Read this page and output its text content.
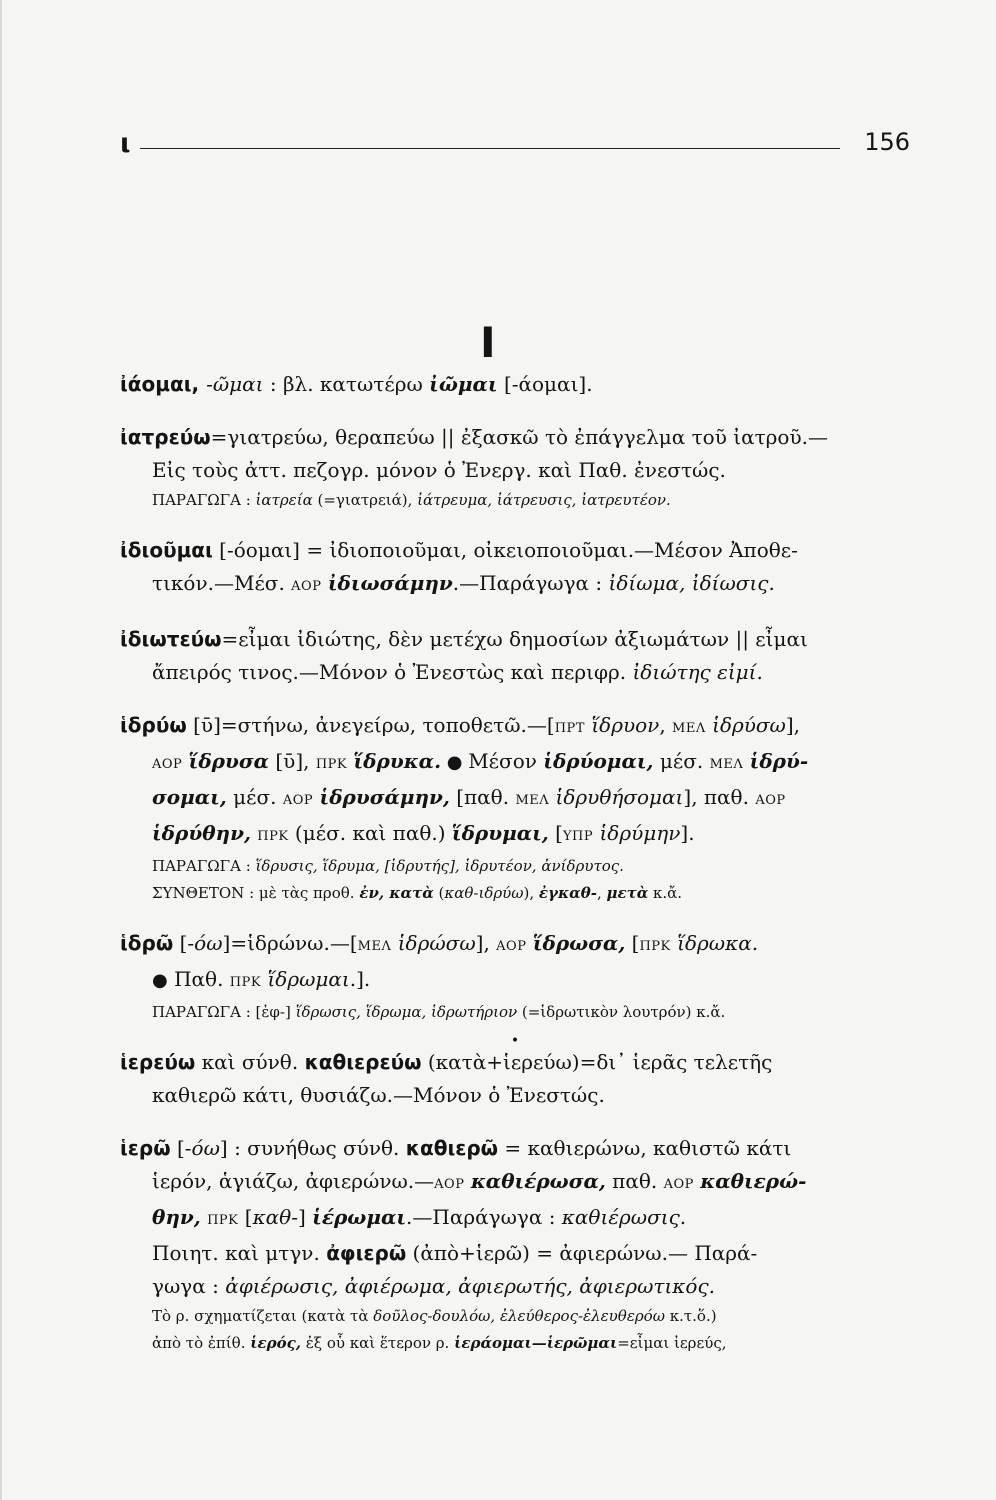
ι	156
Ι

ἰάομαι, -ῶμαι : βλ. κατωτέρω ἰῶμαι [-άομαι].

ἰατρεύω=γιατρεύω, θεραπεύω || ἐξασκῶ τὸ ἐπάγγελμα τοῦ ἰατροῦ.—

Εἰς τοὺς ἀττ. πεζογρ. μόνον ὁ Ἐνεργ. καὶ Παθ. ἐνεστώς.

ΠΑΡΑΓΩΓΑ : ἰατρεία (=γιατρειά), ἰάτρευμα, ἰάτρευσις, ἰατρευτέον.

ἰδιοῦμαι [-όομαι] = ἰδιοποιοῦμαι, οἰκειοποιοῦμαι.—Μέσον Ἀποθε-

τικόν.—Μέσ. ΑΟΡ ἰδιωσάμην.—Παράγωγα : ἰδίωμα, ἰδίωσις.

ἰδιωτεύω=εἶμαι ἰδιώτης, δὲν μετέχω δημοσίων ἀξιωμάτων || εἶμαι

ἄπειρός τινος.—Μόνον ὁ Ἐνεστὼς καὶ περιφρ. ἰδιώτης εἰμί.

ἱδρύω [ῡ]=στήνω, ἀνεγείρω, τοποθετῶ.—[ΠΡΤ ἵδρυον, ΜΕΛ ἱδρύσω],

ΑΟΡ ἵδρυσα [ῡ], ΠΡΚ ἵδρυκα. ● Μέσον ἱδρύομαι, μέσ. ΜΕΛ ἱδρύ-

σομαι, μέσ. ΑΟΡ ἱδρυσάμην, [παθ. ΜΕΛ ἱδρυθήσομαι], παθ. ΑΟΡ

ἱδρύθην, ΠΡΚ (μέσ. καὶ παθ.) ἵδρυμαι, [ΥΠΡ ἱδρύμην].

ΠΑΡΑΓΩΓΑ : ἵδρυσις, ἵδρυμα, [ἱδρυτής], ἱδρυτέον, ἀνίδρυτος.

ΣΥΝΘΕΤΟΝ : μὲ τὰς προθ. ἐν, κατὰ (καθ-ιδρύω), ἐγκαθ-, μετὰ κ.ἄ.

ἱδρῶ [-όω]=ἱδρώνω.—[ΜΕΛ ἱδρώσω], ΑΟΡ ἵδρωσα, [ΠΡΚ ἵδρωκα.

● Παθ. ΠΡΚ ἵδρωμαι.].

ΠΑΡΑΓΩΓΑ : [ἐφ-] ἵδρωσις, ἵδρωμα, ἱδρωτήριον (=ἱδρωτικὸν λουτρόν) κ.ἄ.

•

ἱερεύω καὶ σύνθ. καθιερεύω (κατὰ+ἱερεύω)=δι᾽ ἱερᾶς τελετῆς

καθιερῶ κάτι, θυσιάζω.—Μόνον ὁ Ἐνεστώς.

ἱερῶ [-όω] : συνήθως σύνθ. καθιερῶ = καθιερώνω, καθιστῶ κάτι

ἱερόν, ἁγιάζω, ἀφιερώνω.—ΑΟΡ καθιέρωσα, παθ. ΑΟΡ καθιερώ-

θην, ΠΡΚ [καθ-] ἱέρωμαι.—Παράγωγα : καθιέρωσις.

Ποιητ. καὶ μτγν. ἀφιερῶ (ἀπὸ+ἱερῶ) = ἀφιερώνω.— Παρά-

γωγα : ἀφιέρωσις, ἀφιέρωμα, ἀφιερωτής, ἀφιερωτικός.

Τὸ ρ. σχηματίζεται (κατὰ τὰ δοῦλος-δουλόω, ἐλεύθερος-ἐλευθερόω κ.τ.ὅ.)

ἀπὸ τὸ ἐπίθ. ἱερός, ἐξ οὗ καὶ ἕτερον ρ. ἱεράομαι—ἱερῶμαι=εἶμαι ἱερεύς,
